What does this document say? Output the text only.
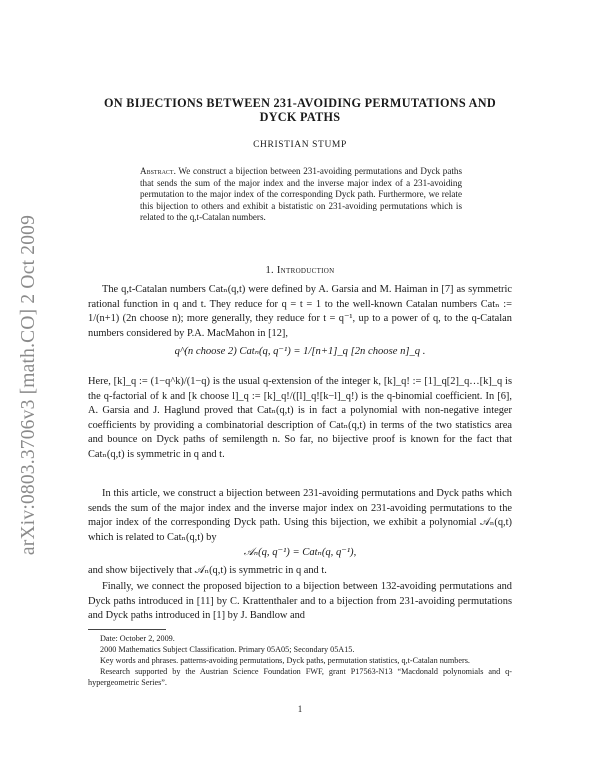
arXiv:0803.3706v3 [math.CO] 2 Oct 2009
ON BIJECTIONS BETWEEN 231-AVOIDING PERMUTATIONS AND
DYCK PATHS
CHRISTIAN STUMP
Abstract. We construct a bijection between 231-avoiding permutations and Dyck paths that sends the sum of the major index and the inverse major index of a 231-avoiding permutation to the major index of the corresponding Dyck path. Furthermore, we relate this bijection to others and exhibit a bistatistic on 231-avoiding permutations which is related to the q,t-Catalan numbers.
1. Introduction

The q,t-Catalan numbers Catₙ(q,t) were defined by A. Garsia and M. Haiman in [7] as symmetric rational function in q and t. They reduce for q = t = 1 to the well-known Catalan numbers Catₙ := 1/(n+1) (2n choose n); more generally, they reduce for t = q⁻¹, up to a power of q, to the q-Catalan numbers considered by P.A. MacMahon in [12],

q^(n choose 2) Catₙ(q, q⁻¹) = 1/[n+1]_q [2n choose n]_q .

Here, [k]_q := (1−q^k)/(1−q) is the usual q-extension of the integer k, [k]_q! := [1]_q[2]_q…[k]_q is the q-factorial of k and [k choose l]_q := [k]_q!/([l]_q![k−l]_q!) is the q-binomial coefficient. In [6], A. Garsia and J. Haglund proved that Catₙ(q,t) is in fact a polynomial with non-negative integer coefficients by providing a combinatorial description of Catₙ(q,t) in terms of the two statistics area and bounce on Dyck paths of semilength n. So far, no bijective proof is known for the fact that Catₙ(q,t) is symmetric in q and t.

In this article, we construct a bijection between 231-avoiding permutations and Dyck paths which sends the sum of the major index and the inverse major index on 231-avoiding permutations to the major index of the corresponding Dyck path. Using this bijection, we exhibit a polynomial 𝒜ₙ(q,t) which is related to Catₙ(q,t) by

𝒜ₙ(q, q⁻¹) = Catₙ(q, q⁻¹),

and show bijectively that 𝒜ₙ(q,t) is symmetric in q and t.

Finally, we connect the proposed bijection to a bijection between 132-avoiding permutations and Dyck paths introduced in [11] by C. Krattenthaler and to a bijection from 231-avoiding permutations and Dyck paths introduced in [1] by J. Bandlow and

Date: October 2, 2009.

2000 Mathematics Subject Classification. Primary 05A05; Secondary 05A15.

Key words and phrases. patterns-avoiding permutations, Dyck paths, permutation statistics, q,t-Catalan numbers.

Research supported by the Austrian Science Foundation FWF, grant P17563-N13 “Macdonald polynomials and q-hypergeometric Series”.

1
